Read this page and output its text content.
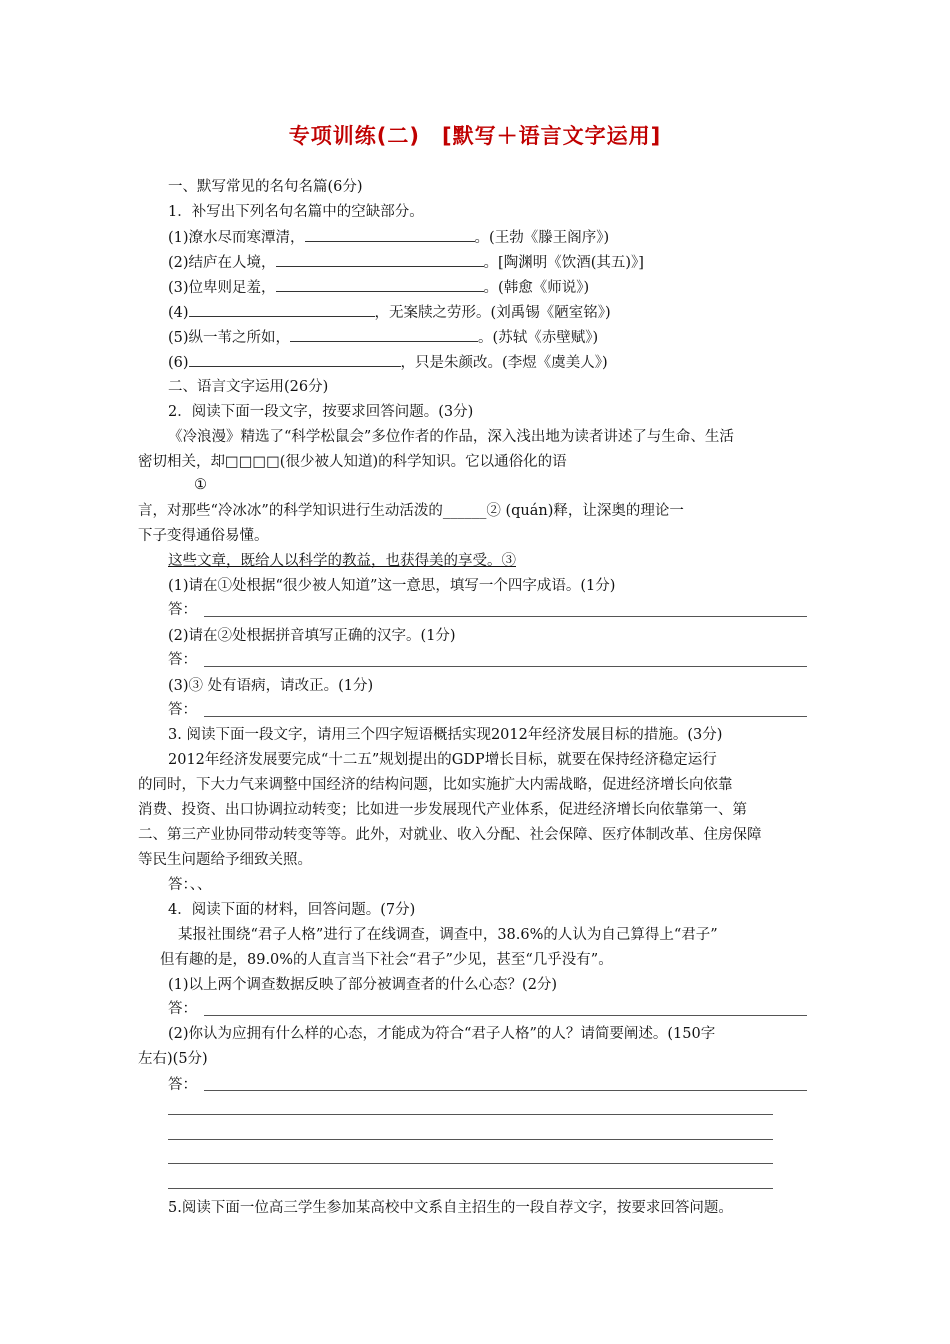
专项训练(二)　[默写＋语言文字运用]
一、默写常见的名句名篇(6分)
1．补写出下列名句名篇中的空缺部分。
(1)潦水尽而寒潭清，	。(王勃《滕王阁序》)
(2)结庐在人境，	。[陶渊明《饮酒(其五)》]
(3)位卑则足羞，	。(韩愈《师说》)
(4)	，无案牍之劳形。(刘禹锡《陋室铭》)
(5)纵一苇之所如，	。(苏轼《赤壁赋》)
(6)	，只是朱颜改。(李煜《虞美人》)
二、语言文字运用(26分)
2．阅读下面一段文字，按要求回答问题。(3分)
《冷浪漫》精选了“科学松鼠会”多位作者的作品，深入浅出地为读者讲述了与生命、生活
密切相关，却□□□□(很少被人知道)的科学知识。它以通俗化的语
①
言，对那些“冷冰冰”的科学知识进行生动活泼的______② (quán)释，让深奥的理论一
下子变得通俗易懂。
这些文章，既给人以科学的教益，也获得美的享受。③
(1)请在①处根据“很少被人知道”这一意思，填写一个四字成语。(1分)
答：
(2)请在②处根据拼音填写正确的汉字。(1分)
答：
(3)③ 处有语病，请改正。(1分)
答：
3. 阅读下面一段文字，请用三个四字短语概括实现2012年经济发展目标的措施。(3分)
2012年经济发展要完成“十二五”规划提出的GDP增长目标，就要在保持经济稳定运行
的同时，下大力气来调整中国经济的结构问题，比如实施扩大内需战略，促进经济增长向依靠
消费、投资、出口协调拉动转变；比如进一步发展现代产业体系，促进经济增长向依靠第一、第
二、第三产业协同带动转变等等。此外，对就业、收入分配、社会保障、医疗体制改革、住房保障
等民生问题给予细致关照。
答：、、
4．阅读下面的材料，回答问题。(7分)
某报社围绕“君子人格”进行了在线调查，调查中，38.6%的人认为自己算得上“君子”
但有趣的是，89.0%的人直言当下社会“君子”少见，甚至“几乎没有”。
(1)以上两个调查数据反映了部分被调查者的什么心态？(2分)
答：
(2)你认为应拥有什么样的心态，才能成为符合“君子人格”的人？请简要阐述。(150字
左右)(5分)
答：
5.阅读下面一位高三学生参加某高校中文系自主招生的一段自荐文字，按要求回答问题。
